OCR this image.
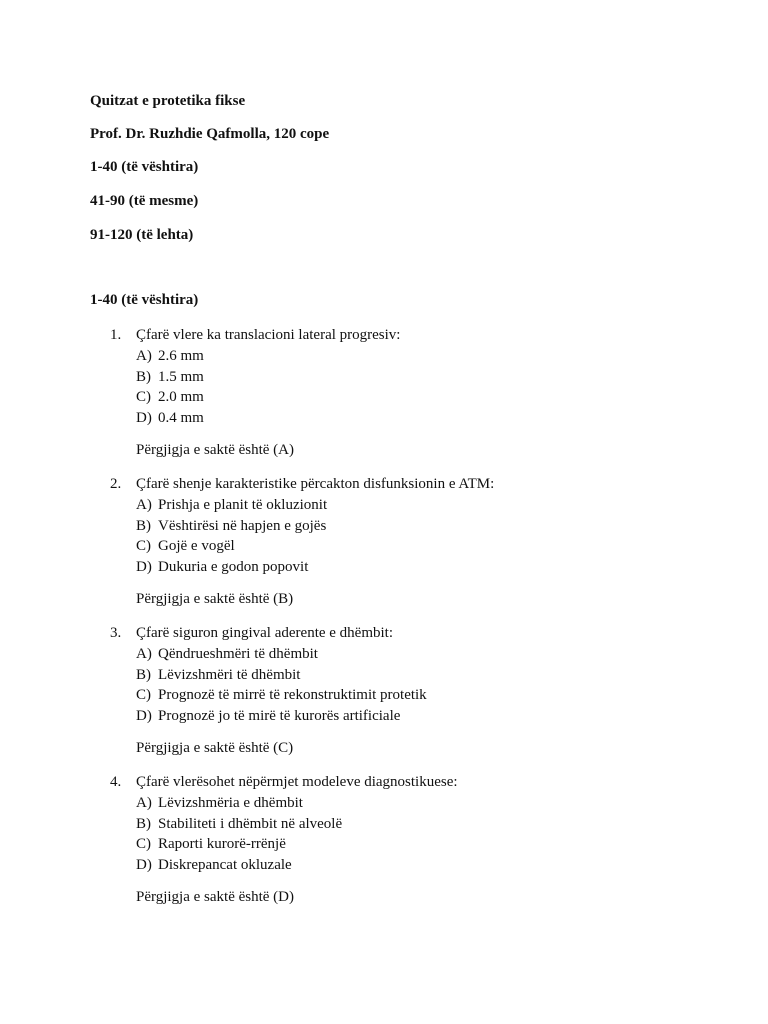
Quitzat e protetika fikse
Prof. Dr. Ruzhdie Qafmolla, 120 cope
1-40 (të vështira)
41-90 (të mesme)
91-120 (të lehta)
1-40 (të vështira)
1. Çfarë vlere ka translacioni lateral progresiv:
A) 2.6 mm
B) 1.5 mm
C) 2.0 mm
D) 0.4 mm
Përgjigja e saktë është (A)
2. Çfarë shenje karakteristike përcakton disfunksionin e ATM:
A) Prishja e planit të okluzionit
B) Vështirësi në hapjen e gojës
C) Gojë e vogël
D) Dukuria e godon popovit
Përgjigja e saktë është (B)
3. Çfarë siguron gingival aderente e dhëmbit:
A) Qëndrueshmëri të dhëmbit
B) Lëvizshmëri të dhëmbit
C) Prognozë të mirrë të rekonstruktimit protetik
D) Prognozë jo të mirë të kurorës artificiale
Përgjigja e saktë është (C)
4. Çfarë vlerësohet nëpërmjet modeleve diagnostikuese:
A) Lëvizshmëria e dhëmbit
B) Stabiliteti i dhëmbit në alveolë
C) Raporti kurorë-rrënjë
D) Diskrepancat okluzale
Përgjigja e saktë është (D)
